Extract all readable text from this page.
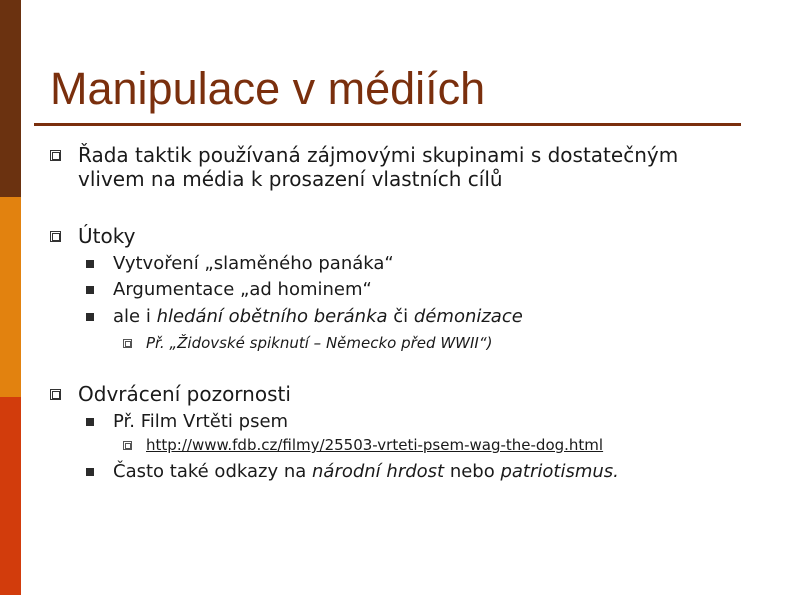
Manipulace v médiích
Řada taktik používaná zájmovými skupinami s dostatečným
vlivem na média k prosazení vlastních cílů
Útoky
Vytvoření „slaměného panáka“
Argumentace „ad hominem“
ale i hledání obětního beránka či démonizace
Př. „Židovské spiknutí – Německo před WWII“)
Odvrácení pozornosti
Př. Film Vrtěti psem
http://www.fdb.cz/filmy/25503-vrteti-psem-wag-the-dog.html
Často také odkazy na národní hrdost nebo patriotismus.
